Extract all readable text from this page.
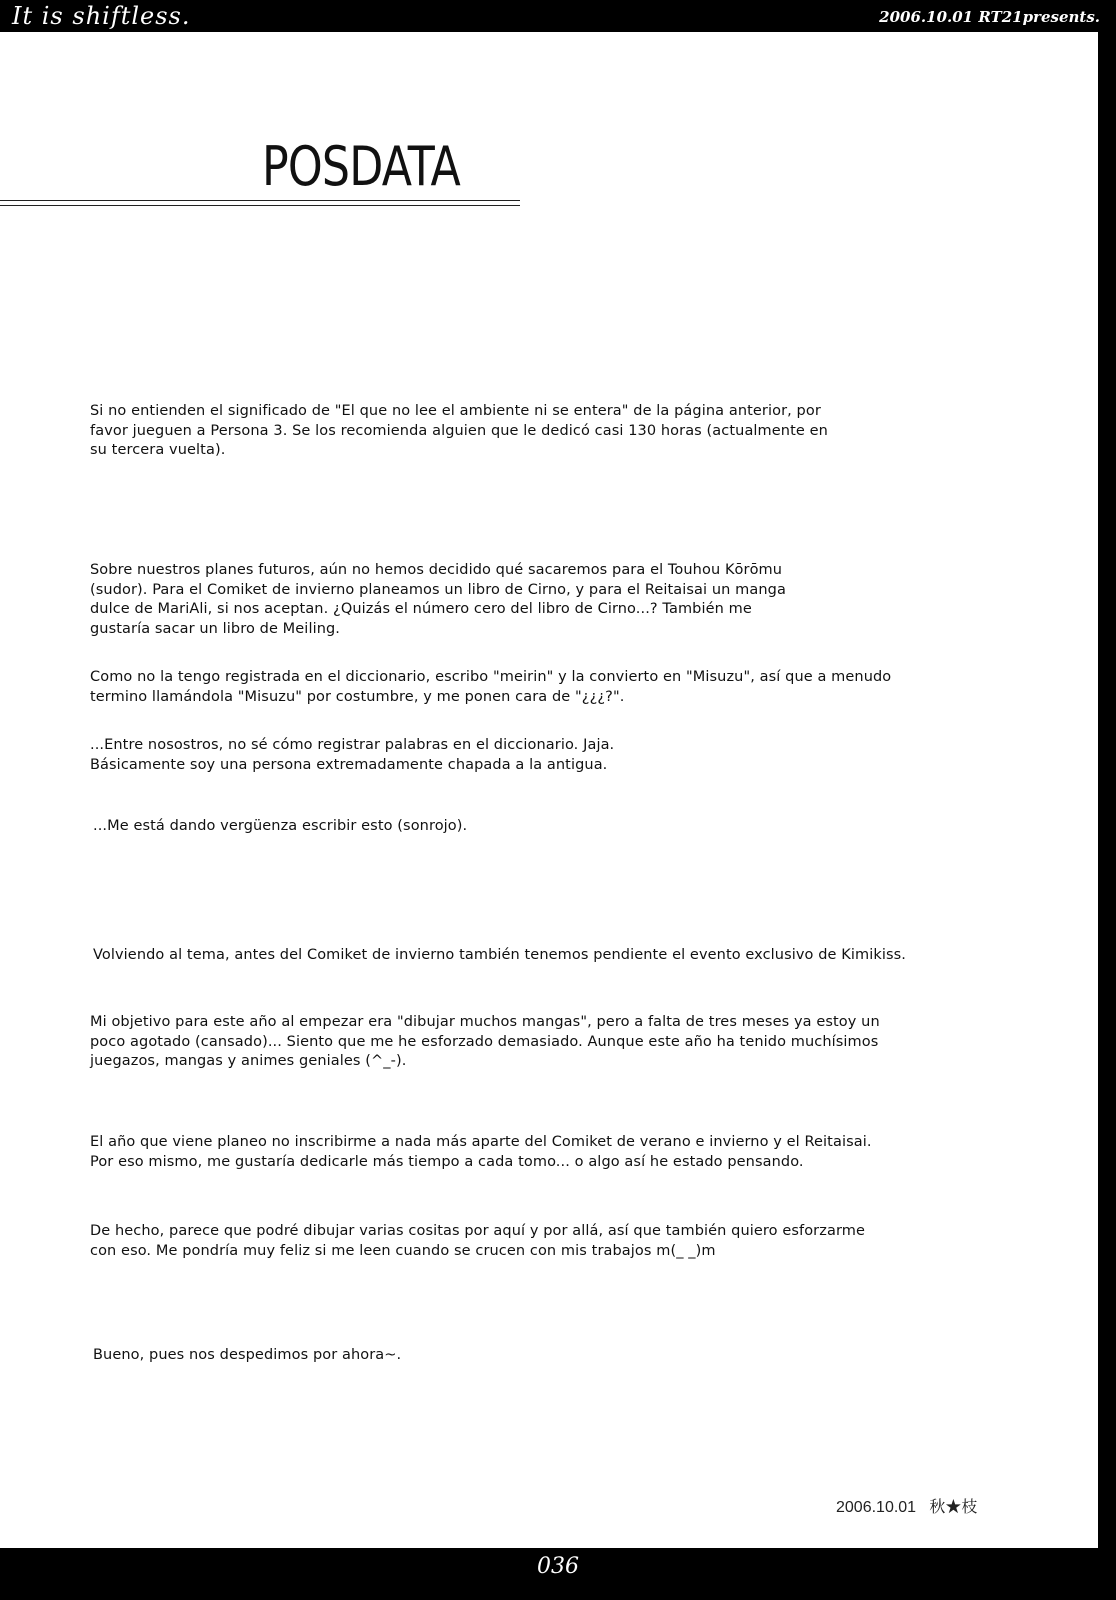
It is shiftless.	2006.10.01 RT21presents.
POSDATA
Si no entienden el significado de "El que no lee el ambiente ni se entera" de la página anterior, por
favor jueguen a Persona 3. Se los recomienda alguien que le dedicó casi 130 horas (actualmente en
su tercera vuelta).
Sobre nuestros planes futuros, aún no hemos decidido qué sacaremos para el Touhou Kōrōmu
(sudor). Para el Comiket de invierno planeamos un libro de Cirno, y para el Reitaisai un manga
dulce de MariAli, si nos aceptan. ¿Quizás el número cero del libro de Cirno...? También me
gustaría sacar un libro de Meiling.
Como no la tengo registrada en el diccionario, escribo "meirin" y la convierto en "Misuzu", así que a menudo
termino llamándola "Misuzu" por costumbre, y me ponen cara de "¿¿¿?".
...Entre nosostros, no sé cómo registrar palabras en el diccionario. Jaja.
Básicamente soy una persona extremadamente chapada a la antigua.
...Me está dando vergüenza escribir esto (sonrojo).
Volviendo al tema, antes del Comiket de invierno también tenemos pendiente el evento exclusivo de Kimikiss.
Mi objetivo para este año al empezar era "dibujar muchos mangas", pero a falta de tres meses ya estoy un
poco agotado (cansado)... Siento que me he esforzado demasiado. Aunque este año ha tenido muchísimos
juegazos, mangas y animes geniales (^_-).
El año que viene planeo no inscribirme a nada más aparte del Comiket de verano e invierno y el Reitaisai.
Por eso mismo, me gustaría dedicarle más tiempo a cada tomo... o algo así he estado pensando.
De hecho, parece que podré dibujar varias cositas por aquí y por allá, así que también quiero esforzarme
con eso. Me pondría muy feliz si me leen cuando se crucen con mis trabajos m(_ _)m
Bueno, pues nos despedimos por ahora~.
2006.10.01   秋★枝
036
